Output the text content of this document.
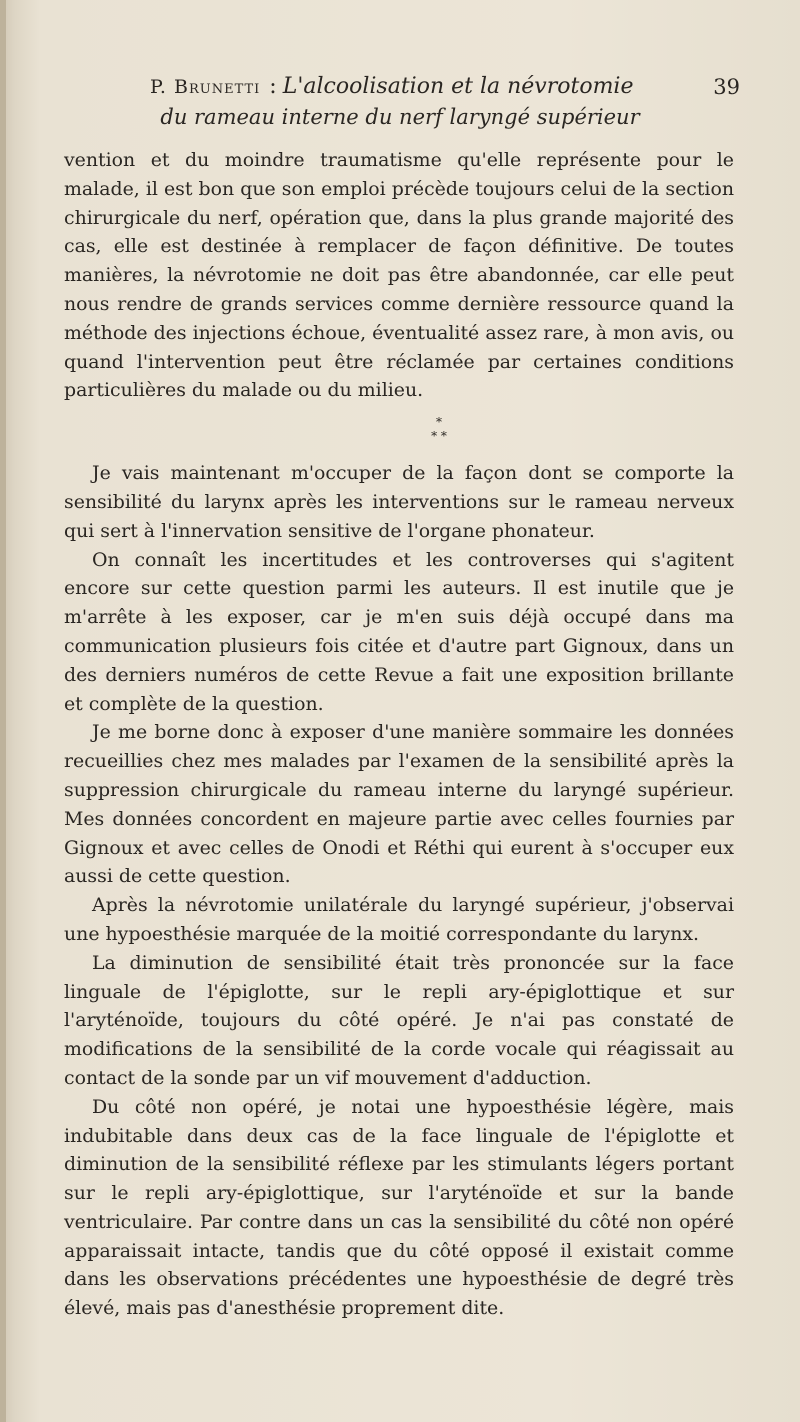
P. Brunetti : L'alcoolisation et la névrotomie	39
du rameau interne du nerf laryngé supérieur

vention et du moindre traumatisme qu'elle représente pour le malade, il est bon que son emploi précède toujours celui de la section chirurgicale du nerf, opération que, dans la plus grande majorité des cas, elle est destinée à remplacer de façon définitive. De toutes manières, la névrotomie ne doit pas être abandonnée, car elle peut nous rendre de grands services comme dernière ressource quand la méthode des injections échoue, éventualité assez rare, à mon avis, ou quand l'intervention peut être réclamée par certaines conditions particulières du malade ou du milieu.

*
* *

Je vais maintenant m'occuper de la façon dont se comporte la sensibilité du larynx après les interventions sur le rameau nerveux qui sert à l'innervation sensitive de l'organe phonateur.

On connaît les incertitudes et les controverses qui s'agitent encore sur cette question parmi les auteurs. Il est inutile que je m'arrête à les exposer, car je m'en suis déjà occupé dans ma communication plusieurs fois citée et d'autre part Gignoux, dans un des derniers numéros de cette Revue a fait une exposition brillante et complète de la question.

Je me borne donc à exposer d'une manière sommaire les données recueillies chez mes malades par l'examen de la sensibilité après la suppression chirurgicale du rameau interne du laryngé supérieur. Mes données concordent en majeure partie avec celles fournies par Gignoux et avec celles de Onodi et Réthi qui eurent à s'occuper eux aussi de cette question.

Après la névrotomie unilatérale du laryngé supérieur, j'observai une hypoesthésie marquée de la moitié correspondante du larynx.

La diminution de sensibilité était très prononcée sur la face linguale de l'épiglotte, sur le repli ary-épiglottique et sur l'aryténoïde, toujours du côté opéré. Je n'ai pas constaté de modifications de la sensibilité de la corde vocale qui réagissait au contact de la sonde par un vif mouvement d'adduction.

Du côté non opéré, je notai une hypoesthésie légère, mais indubitable dans deux cas de la face linguale de l'épiglotte et diminution de la sensibilité réflexe par les stimulants légers portant sur le repli ary-épiglottique, sur l'aryténoïde et sur la bande ventriculaire. Par contre dans un cas la sensibilité du côté non opéré apparaissait intacte, tandis que du côté opposé il existait comme dans les observations précédentes une hypoesthésie de degré très élevé, mais pas d'anesthésie proprement dite.
